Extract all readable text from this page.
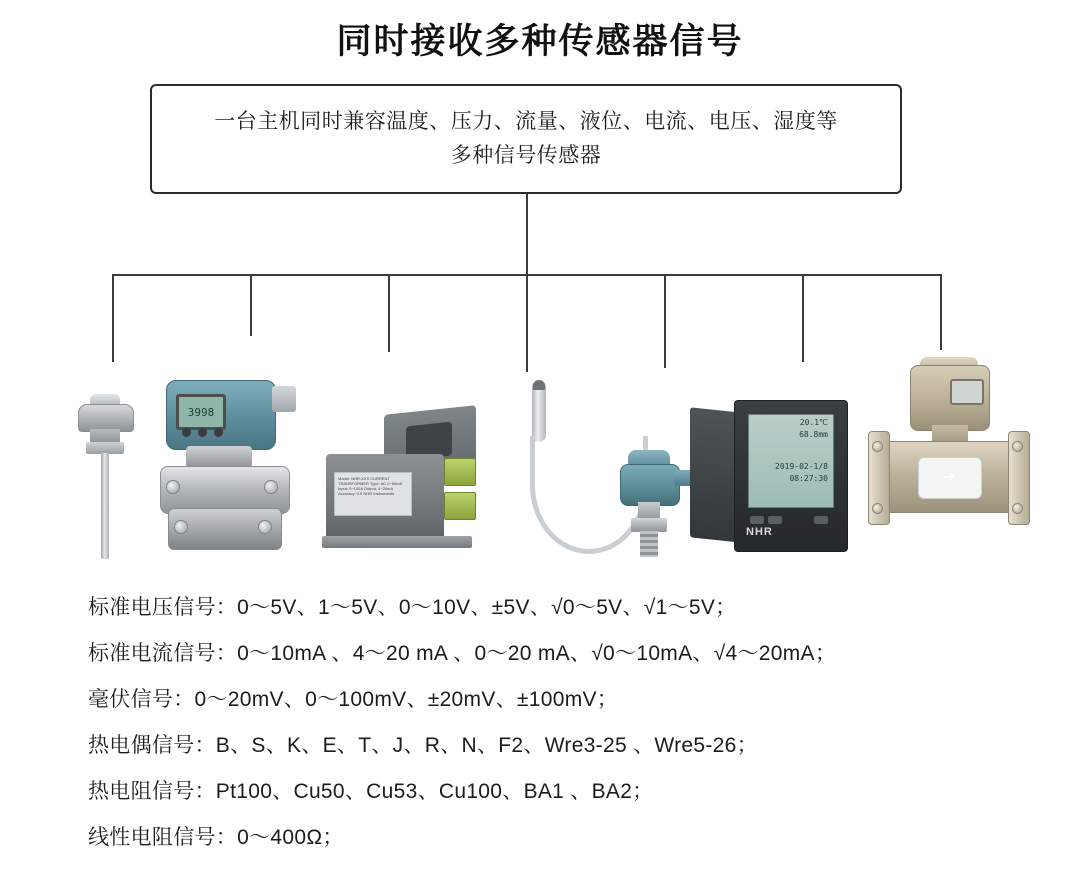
同时接收多种传感器信号
一台主机同时兼容温度、压力、流量、液位、电流、电压、湿度等
多种信号传感器
3998
Model: NHR-XXX CURRENT TRANSFORMER Type: AC 0~50mA Input: 0~100A Output: 4~20mA Accuracy: 0.5 NHR Instruments
20.1℃
68.8mm
2019-02-1/8
08:27:30
NHR
➜
标准电压信号：0～5V、1～5V、0～10V、±5V、√0～5V、√1～5V；
标准电流信号：0～10mA 、4～20 mA 、0～20 mA、√0～10mA、√4～20mA；
毫伏信号：0～20mV、0～100mV、±20mV、±100mV；
热电偶信号：B、S、K、E、T、J、R、N、F2、Wre3-25 、Wre5-26；
热电阻信号：Pt100、Cu50、Cu53、Cu100、BA1 、BA2；
线性电阻信号：0～400Ω；
